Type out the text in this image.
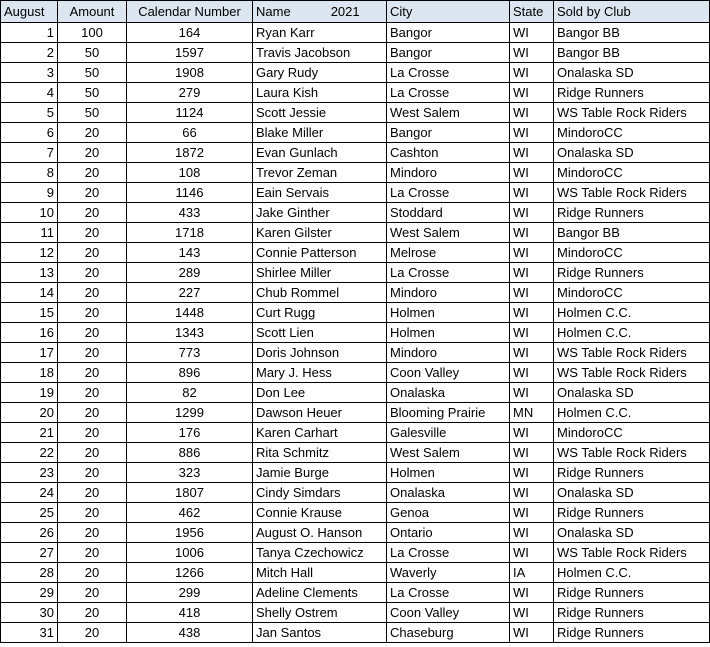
August	Amount	Calendar Number	Name 2021	City	State	Sold by Club
1	100	164	Ryan Karr	Bangor	WI	Bangor BB
2	50	1597	Travis Jacobson	Bangor	WI	Bangor BB
3	50	1908	Gary Rudy	La Crosse	WI	Onalaska SD
4	50	279	Laura Kish	La Crosse	WI	Ridge Runners
5	50	1124	Scott Jessie	West Salem	WI	WS Table Rock Riders
6	20	66	Blake Miller	Bangor	WI	MindoroCC
7	20	1872	Evan Gunlach	Cashton	WI	Onalaska SD
8	20	108	Trevor Zeman	Mindoro	WI	MindoroCC
9	20	1146	Eain Servais	La Crosse	WI	WS Table Rock Riders
10	20	433	Jake Ginther	Stoddard	WI	Ridge Runners
11	20	1718	Karen Gilster	West Salem	WI	Bangor BB
12	20	143	Connie Patterson	Melrose	WI	MindoroCC
13	20	289	Shirlee Miller	La Crosse	WI	Ridge Runners
14	20	227	Chub Rommel	Mindoro	WI	MindoroCC
15	20	1448	Curt Rugg	Holmen	WI	Holmen C.C.
16	20	1343	Scott Lien	Holmen	WI	Holmen C.C.
17	20	773	Doris Johnson	Mindoro	WI	WS Table Rock Riders
18	20	896	Mary J. Hess	Coon Valley	WI	WS Table Rock Riders
19	20	82	Don Lee	Onalaska	WI	Onalaska SD
20	20	1299	Dawson Heuer	Blooming Prairie	MN	Holmen C.C.
21	20	176	Karen Carhart	Galesville	WI	MindoroCC
22	20	886	Rita Schmitz	West Salem	WI	WS Table Rock Riders
23	20	323	Jamie Burge	Holmen	WI	Ridge Runners
24	20	1807	Cindy Simdars	Onalaska	WI	Onalaska SD
25	20	462	Connie Krause	Genoa	WI	Ridge Runners
26	20	1956	August O. Hanson	Ontario	WI	Onalaska SD
27	20	1006	Tanya Czechowicz	La Crosse	WI	WS Table Rock Riders
28	20	1266	Mitch Hall	Waverly	IA	Holmen C.C.
29	20	299	Adeline Clements	La Crosse	WI	Ridge Runners
30	20	418	Shelly Ostrem	Coon Valley	WI	Ridge Runners
31	20	438	Jan Santos	Chaseburg	WI	Ridge Runners
